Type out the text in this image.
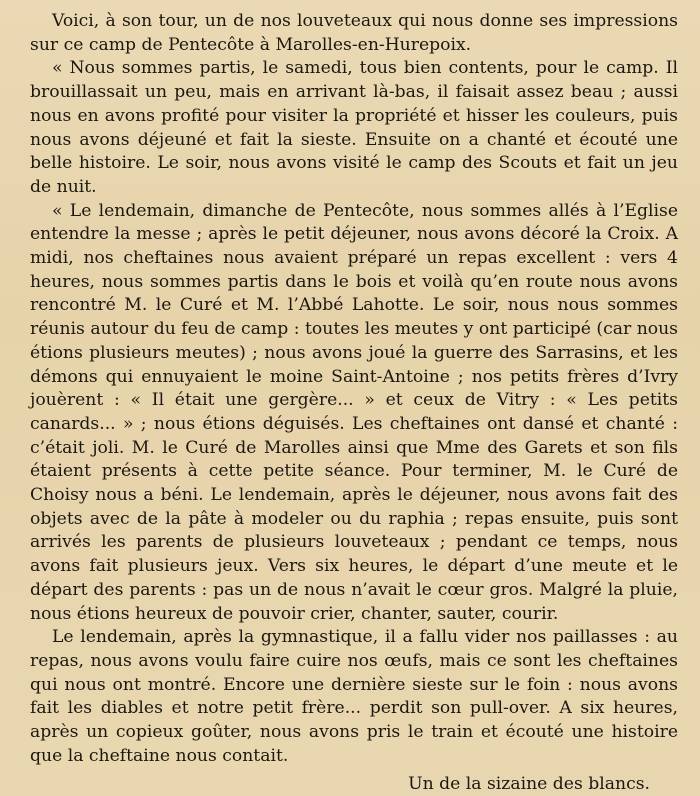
Voici, à son tour, un de nos louveteaux qui nous donne ses impressions sur ce camp de Pentecôte à Marolles-en-Hurepoix.

« Nous sommes partis, le samedi, tous bien contents, pour le camp. Il brouillassait un peu, mais en arrivant là-bas, il faisait assez beau ; aussi nous en avons profité pour visiter la propriété et hisser les couleurs, puis nous avons déjeuné et fait la sieste. Ensuite on a chanté et écouté une belle histoire. Le soir, nous avons visité le camp des Scouts et fait un jeu de nuit.

« Le lendemain, dimanche de Pentecôte, nous sommes allés à l’Eglise entendre la messe ; après le petit déjeuner, nous avons décoré la Croix. A midi, nos cheftaines nous avaient préparé un repas excellent : vers 4 heures, nous sommes partis dans le bois et voilà qu’en route nous avons rencontré M. le Curé et M. l’Abbé Lahotte. Le soir, nous nous sommes réunis autour du feu de camp : toutes les meutes y ont participé (car nous étions plusieurs meutes) ; nous avons joué la guerre des Sarrasins, et les démons qui ennuyaient le moine Saint-Antoine ; nos petits frères d’Ivry jouèrent : « Il était une gergère... » et ceux de Vitry : « Les petits canards... » ; nous étions déguisés. Les cheftaines ont dansé et chanté : c’était joli. M. le Curé de Marolles ainsi que Mme des Garets et son fils étaient présents à cette petite séance. Pour terminer, M. le Curé de Choisy nous a béni. Le lendemain, après le déjeuner, nous avons fait des objets avec de la pâte à modeler ou du raphia ; repas ensuite, puis sont arrivés les parents de plusieurs louveteaux ; pendant ce temps, nous avons fait plusieurs jeux. Vers six heures, le départ d’une meute et le départ des parents : pas un de nous n’avait le cœur gros. Malgré la pluie, nous étions heureux de pouvoir crier, chanter, sauter, courir.

Le lendemain, après la gymnastique, il a fallu vider nos paillasses : au repas, nous avons voulu faire cuire nos œufs, mais ce sont les cheftaines qui nous ont montré. Encore une dernière sieste sur le foin : nous avons fait les diables et notre petit frère... perdit son pull-over. A six heures, après un copieux goûter, nous avons pris le train et écouté une histoire que la cheftaine nous contait.

Un de la sizaine des blancs.
